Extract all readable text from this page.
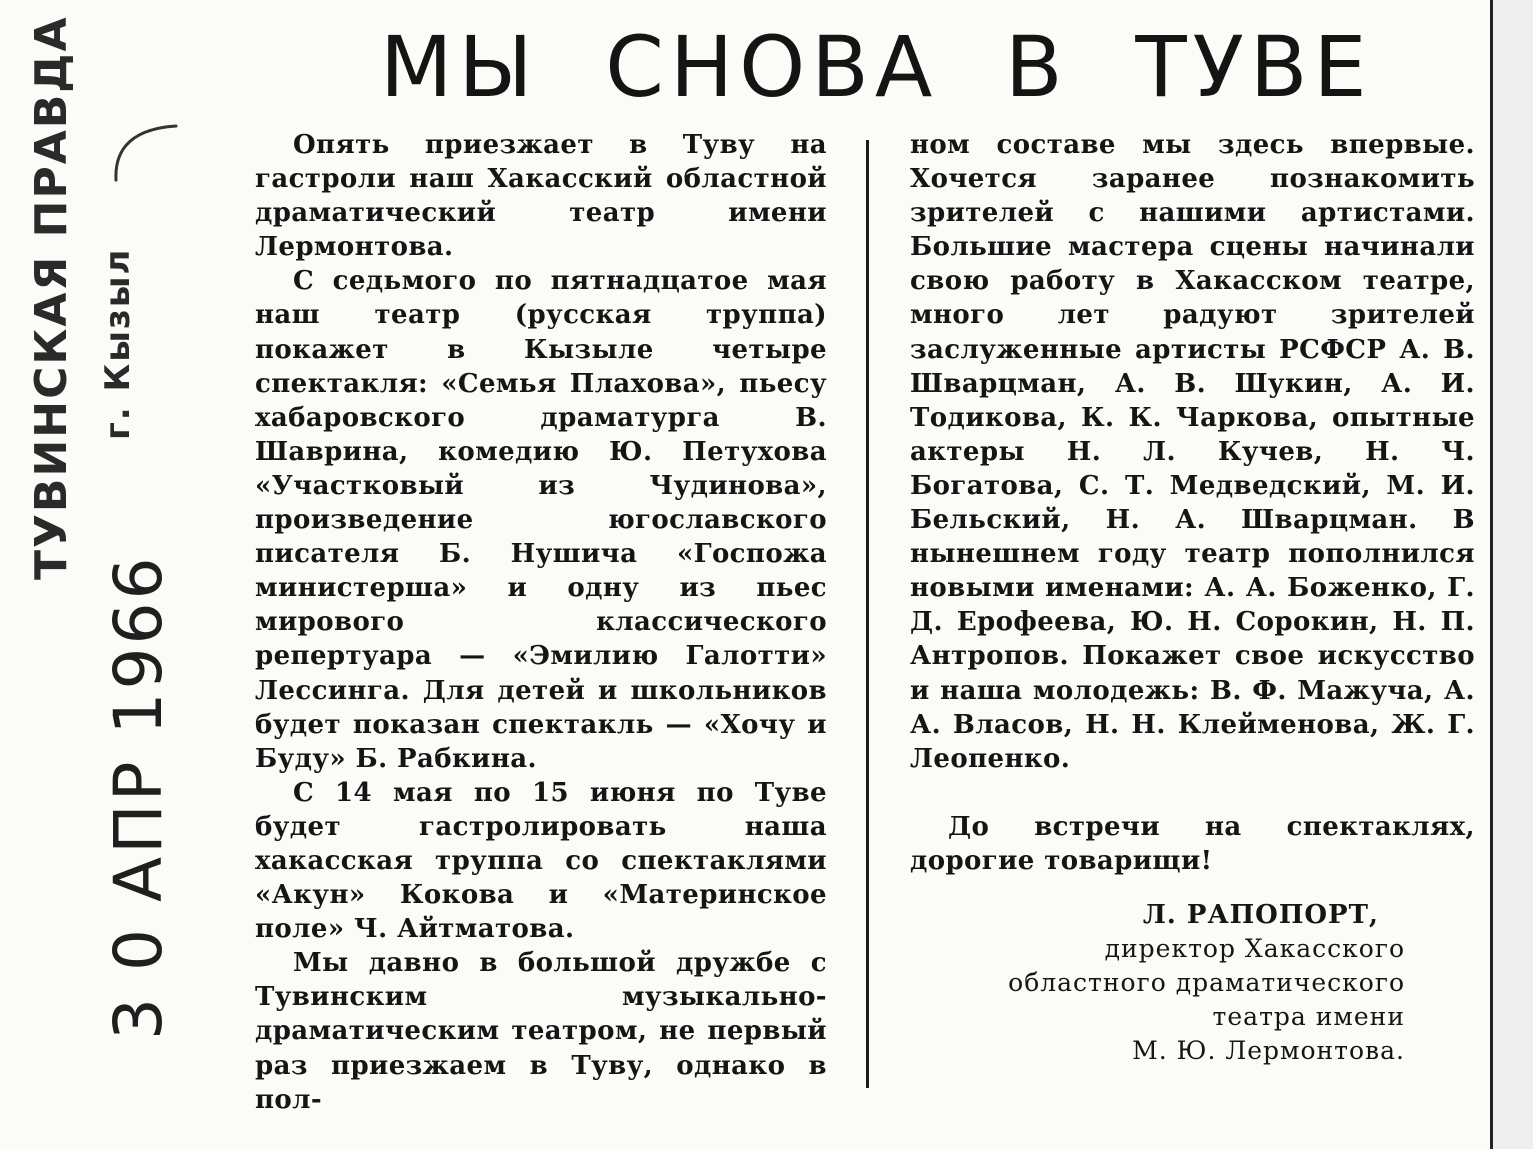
ТУВИНСКАЯ ПРАВДА г. Кызыл
3 0 АПР 1966
МЫ СНОВА В ТУВЕ

Опять приезжает в Туву на гастроли наш Хакасский областной драматический театр имени Лермонтова.

С седьмого по пятнадцатое мая наш театр (русская труппа) покажет в Кызыле четыре спектакля: «Семья Плахова», пьесу хабаровского драматурга В. Шаврина, комедию Ю. Петухова «Участковый из Чудинова», произведение югославского писателя Б. Нушича «Госпожа министерша» и одну из пьес мирового классического репертуара — «Эмилию Галотти» Лессинга. Для детей и школьников будет показан спектакль — «Хочу и Буду» Б. Рабкина.

С 14 мая по 15 июня по Туве будет гастролировать наша хакасская труппа со спектаклями «Акун» Кокова и «Материнское поле» Ч. Айтматова.

Мы давно в большой дружбе с Тувинским музыкально-драматическим театром, не первый раз приезжаем в Туву, однако в пол-

ном составе мы здесь впервые. Хочется заранее познакомить зрителей с нашими артистами. Большие мастера сцены начинали свою работу в Хакасском театре, много лет радуют зрителей заслуженные артисты РСФСР А. В. Шварцман, А. В. Шукин, А. И. Тодикова, К. К. Чаркова, опытные актеры Н. Л. Кучев, Н. Ч. Богатова, С. Т. Медведский, М. И. Бельский, Н. А. Шварцман. В нынешнем году театр пополнился новыми именами: А. А. Боженко, Г. Д. Ерофеева, Ю. Н. Сорокин, Н. П. Антропов. Покажет свое искусство и наша молодежь: В. Ф. Мажуча, А. А. Власов, Н. Н. Клейменова, Ж. Г. Леопенко.

До встречи на спектаклях, дорогие товарищи!

Л. РАПОПОРТ,
директор Хакасского
областного драматического
театра имени
М. Ю. Лермонтова.
